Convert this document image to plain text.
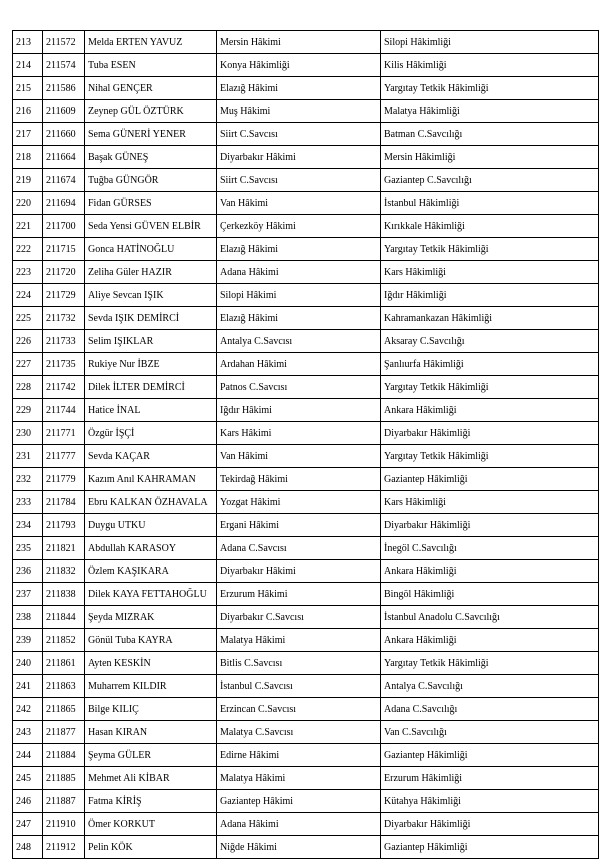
213	211572	Melda ERTEN YAVUZ	Mersin Hâkimi	Silopi Hâkimliği
214	211574	Tuba ESEN	Konya Hâkimliği	Kilis Hâkimliği
215	211586	Nihal GENÇER	Elazığ Hâkimi	Yargıtay Tetkik Hâkimliği
216	211609	Zeynep GÜL ÖZTÜRK	Muş Hâkimi	Malatya Hâkimliği
217	211660	Sema GÜNERİ YENER	Siirt C.Savcısı	Batman C.Savcılığı
218	211664	Başak GÜNEŞ	Diyarbakır Hâkimi	Mersin Hâkimliği
219	211674	Tuğba GÜNGÖR	Siirt C.Savcısı	Gaziantep C.Savcılığı
220	211694	Fidan GÜRSES	Van Hâkimi	İstanbul Hâkimliği
221	211700	Seda Yensi GÜVEN ELBİR	Çerkezköy Hâkimi	Kırıkkale Hâkimliği
222	211715	Gonca HATİNOĞLU	Elazığ Hâkimi	Yargıtay Tetkik Hâkimliği
223	211720	Zeliha Güler HAZIR	Adana Hâkimi	Kars Hâkimliği
224	211729	Aliye Sevcan IŞIK	Silopi Hâkimi	Iğdır Hâkimliği
225	211732	Sevda IŞIK DEMİRCİ	Elazığ Hâkimi	Kahramankazan Hâkimliği
226	211733	Selim IŞIKLAR	Antalya C.Savcısı	Aksaray C.Savcılığı
227	211735	Rukiye Nur İBZE	Ardahan Hâkimi	Şanlıurfa Hâkimliği
228	211742	Dilek İLTER DEMİRCİ	Patnos C.Savcısı	Yargıtay Tetkik Hâkimliği
229	211744	Hatice İNAL	Iğdır Hâkimi	Ankara Hâkimliği
230	211771	Özgür İŞÇİ	Kars Hâkimi	Diyarbakır Hâkimliği
231	211777	Sevda KAÇAR	Van Hâkimi	Yargıtay Tetkik Hâkimliği
232	211779	Kazım Anıl KAHRAMAN	Tekirdağ Hâkimi	Gaziantep Hâkimliği
233	211784	Ebru KALKAN ÖZHAVALA	Yozgat Hâkimi	Kars Hâkimliği
234	211793	Duygu UTKU	Ergani Hâkimi	Diyarbakır Hâkimliği
235	211821	Abdullah KARASOY	Adana C.Savcısı	İnegöl C.Savcılığı
236	211832	Özlem KAŞIKARA	Diyarbakır Hâkimi	Ankara Hâkimliği
237	211838	Dilek KAYA FETTAHOĞLU	Erzurum Hâkimi	Bingöl Hâkimliği
238	211844	Şeyda MIZRAK	Diyarbakır C.Savcısı	İstanbul Anadolu C.Savcılığı
239	211852	Gönül Tuba KAYRA	Malatya Hâkimi	Ankara Hâkimliği
240	211861	Ayten KESKİN	Bitlis C.Savcısı	Yargıtay Tetkik Hâkimliği
241	211863	Muharrem KILDIR	İstanbul C.Savcısı	Antalya C.Savcılığı
242	211865	Bilge KILIÇ	Erzincan C.Savcısı	Adana C.Savcılığı
243	211877	Hasan KIRAN	Malatya C.Savcısı	Van C.Savcılığı
244	211884	Şeyma GÜLER	Edirne Hâkimi	Gaziantep Hâkimliği
245	211885	Mehmet Ali KİBAR	Malatya Hâkimi	Erzurum Hâkimliği
246	211887	Fatma KİRİŞ	Gaziantep Hâkimi	Kütahya Hâkimliği
247	211910	Ömer KORKUT	Adana Hâkimi	Diyarbakır Hâkimliği
248	211912	Pelin KÖK	Niğde Hâkimi	Gaziantep Hâkimliği
